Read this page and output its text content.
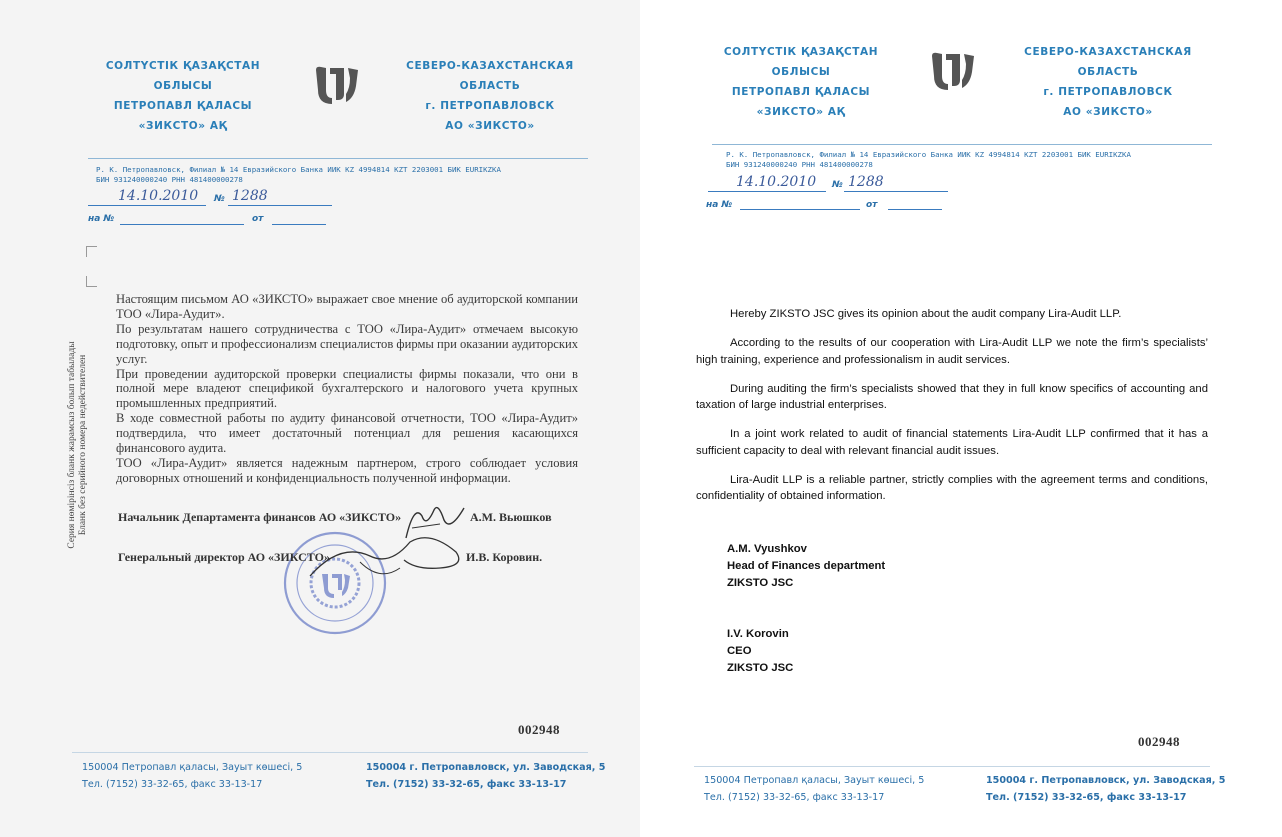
СОЛТҮСТІК ҚАЗАҚСТАН ОБЛЫСЫ
ПЕТРОПАВЛ ҚАЛАСЫ
«ЗИКСТО» АҚ
СЕВЕРО-КАЗАХСТАНСКАЯ ОБЛАСТЬ
г. ПЕТРОПАВЛОВСК
АО «ЗИКСТО»
Р. К. Петропавловск, Филиал № 14 Евразийского Банка ИИК KZ 4994814 KZT 2203001 БИК EURIKZKA
БИН 931240000240 РНН 481400000278
14.10.2010 № 1288
на №	от

Настоящим письмом АО «ЗИКСТО» выражает свое мнение об аудиторской компании ТОО «Лира-Аудит».

По результатам нашего сотрудничества с ТОО «Лира-Аудит» отмечаем высокую подготовку, опыт и профессионализм специалистов фирмы при оказании аудиторских услуг.

При проведении аудиторской проверки специалисты фирмы показали, что они в полной мере владеют спецификой бухгалтерского и налогового учета крупных промышленных предприятий.

В ходе совместной работы по аудиту финансовой отчетности, ТОО «Лира-Аудит» подтвердила, что имеет достаточный потенциал для решения касающихся финансового аудита.

ТОО «Лира-Аудит» является надежным партнером, строго соблюдает условия договорных отношений и конфиденциальность полученной информации.

Серия нөмірінсіз бланк жарамсыз болып табылады Бланк без серийного номера недействителен	Начальник Департамента финансов АО «ЗИКСТО»	А.М. Вьюшков
Генеральный директор АО «ЗИКСТО»	И.В. Коровин.
002948
150004 Петропавл қаласы, Зауыт көшесі, 5
Тел. (7152) 33-32-65, факс 33-13-17
150004 г. Петропавловск, ул. Заводская, 5
Тел. (7152) 33-32-65, факс 33-13-17
СОЛТҮСТІК ҚАЗАҚСТАН ОБЛЫСЫ
ПЕТРОПАВЛ ҚАЛАСЫ
«ЗИКСТО» АҚ
СЕВЕРО-КАЗАХСТАНСКАЯ ОБЛАСТЬ
г. ПЕТРОПАВЛОВСК
АО «ЗИКСТО»
Р. К. Петропавловск, Филиал № 14 Евразийского Банка ИИК KZ 4994814 KZT 2203001 БИК EURIKZKA
БИН 931240000240 РНН 481400000278
14.10.2010 № 1288
на №	от

Hereby ZIKSTO JSC gives its opinion about the audit company Lira-Audit LLP.

According to the results of our cooperation with Lira-Audit LLP we note the firm’s specialists’ high training, experience and professionalism in audit services.

During auditing the firm’s specialists showed that they in full know specifics of accounting and taxation of large industrial enterprises.

In a joint work related to audit of financial statements Lira-Audit LLP confirmed that it has a sufficient capacity to deal with relevant financial audit issues.

Lira-Audit LLP is a reliable partner, strictly complies with the agreement terms and conditions, confidentiality of obtained information.

A.M. Vyushkov
Head of Finances department
ZIKSTO JSC
I.V. Korovin
CEO
ZIKSTO JSC
002948
150004 Петропавл қаласы, Зауыт көшесі, 5
Тел. (7152) 33-32-65, факс 33-13-17
150004 г. Петропавловск, ул. Заводская, 5
Тел. (7152) 33-32-65, факс 33-13-17
